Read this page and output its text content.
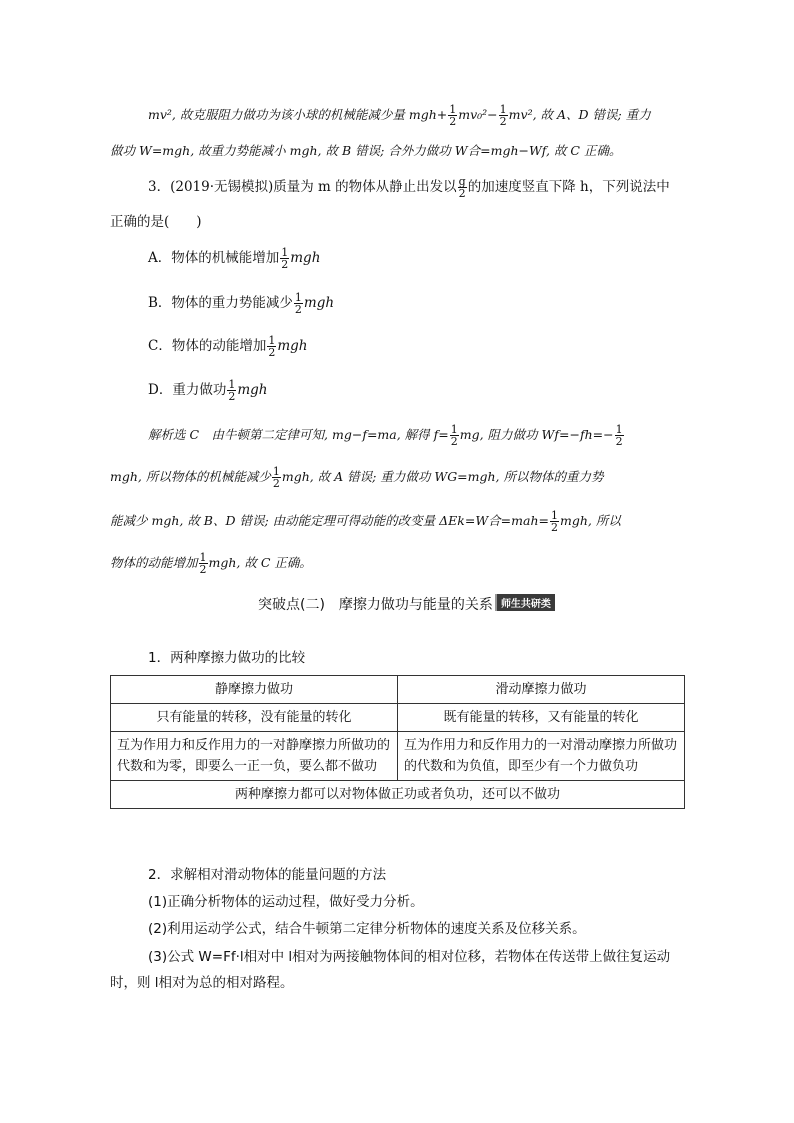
mv², 故克服阻力做功为该小球的机械能减少量 $mgh+ \frac{1}{2} mv_0^2- \frac{1}{2} mv^2$, 故 A、D 错误; 重力
做功 W=mgh, 故重力势能减小 mgh, 故 B 错误; 合外力做功 W合=mgh−Wf, 故 C 正确。
3．(2019·无锡模拟)质量为 m 的物体从静止出发以 $\frac{g}{2}$ 的加速度竖直下降 h，下列说法中
正确的是(　　)
A．物体的机械能增加 $\frac{1}{2}$ mgh
B．物体的重力势能减少 $\frac{1}{2}$ mgh
C．物体的动能增加 $\frac{1}{2}$ mgh
D．重力做功 $\frac{1}{2}$ mgh
解析选 C　由牛顿第二定律可知, mg−f=ma, 解得 $f= \frac{1}{2}$ mg, 阻力做功 $Wf=-fh=- \frac{1}{2}$
mgh, 所以物体的机械能减少 $\frac{1}{2}$ mgh, 故 A 错误; 重力做功 WG=mgh, 所以物体的重力势
能减少 mgh, 故 B、D 错误; 由动能定理可得动能的改变量 ΔEk=W合$=mah= \frac{1}{2}$ mgh, 所以
物体的动能增加 $\frac{1}{2}$ mgh, 故 C 正确。
突破点(二)　摩擦力做功与能量的关系 师生共研类
1．两种摩擦力做功的比较
静摩擦力做功	滑动摩擦力做功
只有能量的转移，没有能量的转化	既有能量的转移，又有能量的转化
互为作用力和反作用力的一对静摩擦力所做功的代数和为零，即要么一正一负，要么都不做功	互为作用力和反作用力的一对滑动摩擦力所做功的代数和为负值，即至少有一个力做负功
两种摩擦力都可以对物体做正功或者负功，还可以不做功	
2．求解相对滑动物体的能量问题的方法
(1)正确分析物体的运动过程，做好受力分析。
(2)利用运动学公式，结合牛顿第二定律分析物体的速度关系及位移关系。
(3)公式 W=Ff·l相对中 l相对为两接触物体间的相对位移，若物体在传送带上做往复运动
时，则 l相对为总的相对路程。
